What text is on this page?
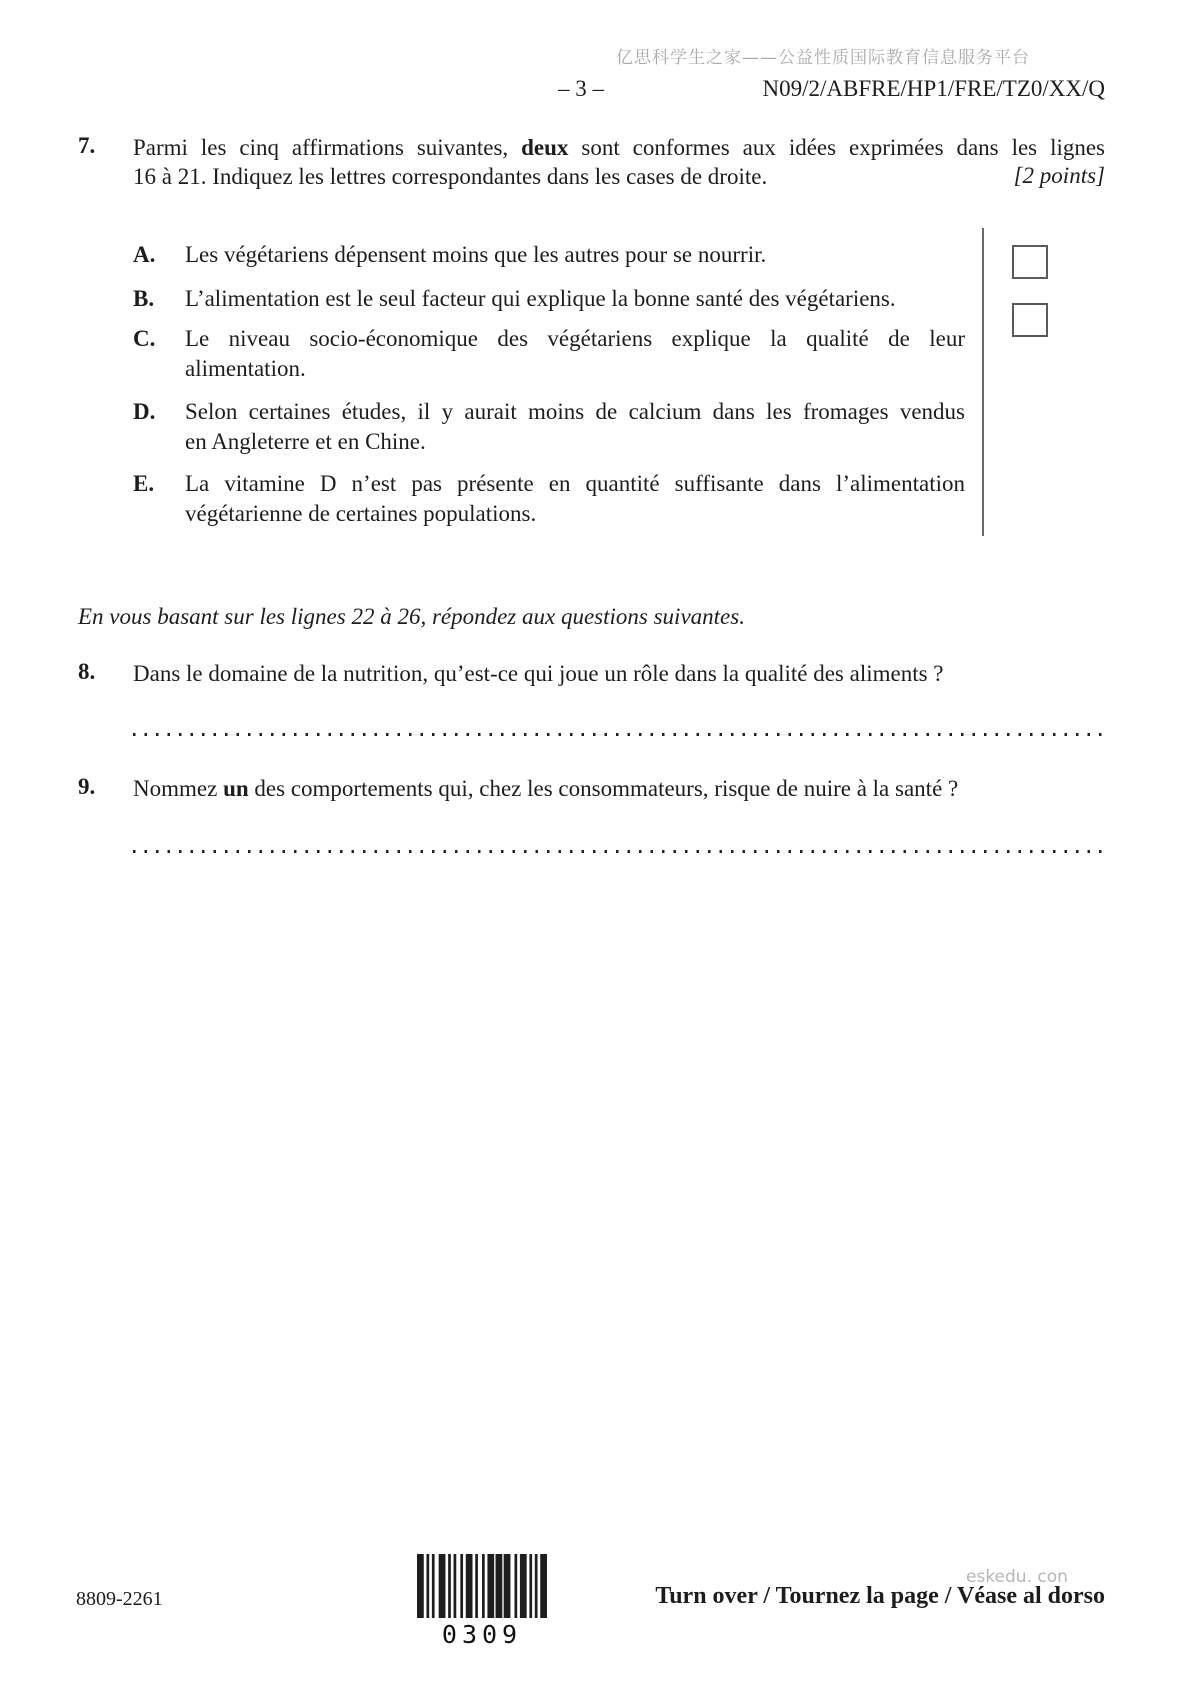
亿思科学生之家——公益性质国际教育信息服务平台
– 3 –	N09/2/ABFRE/HP1/FRE/TZ0/XX/Q
7.	Parmi les cinq affirmations suivantes, deux sont conformes aux idées exprimées dans les lignes
16 à 21. Indiquez les lettres correspondantes dans les cases de droite.	[2 points]
A. Les végétariens dépensent moins que les autres pour se nourrir.
B. L’alimentation est le seul facteur qui explique la bonne santé des végétariens.
C. Le niveau socio-économique des végétariens explique la qualité de leur
alimentation.
D. Selon certaines études, il y aurait moins de calcium dans les fromages vendus
en Angleterre et en Chine.
E. La vitamine D n’est pas présente en quantité suffisante dans l’alimentation
végétarienne de certaines populations.
En vous basant sur les lignes 22 à 26, répondez aux questions suivantes.
8.	Dans le domaine de la nutrition, qu’est-ce qui joue un rôle dans la qualité des aliments ?
9.	Nommez un des comportements qui, chez les consommateurs, risque de nuire à la santé ?
8809-2261
0309
eskedu. con
Turn over / Tournez la page / Véase al dorso
